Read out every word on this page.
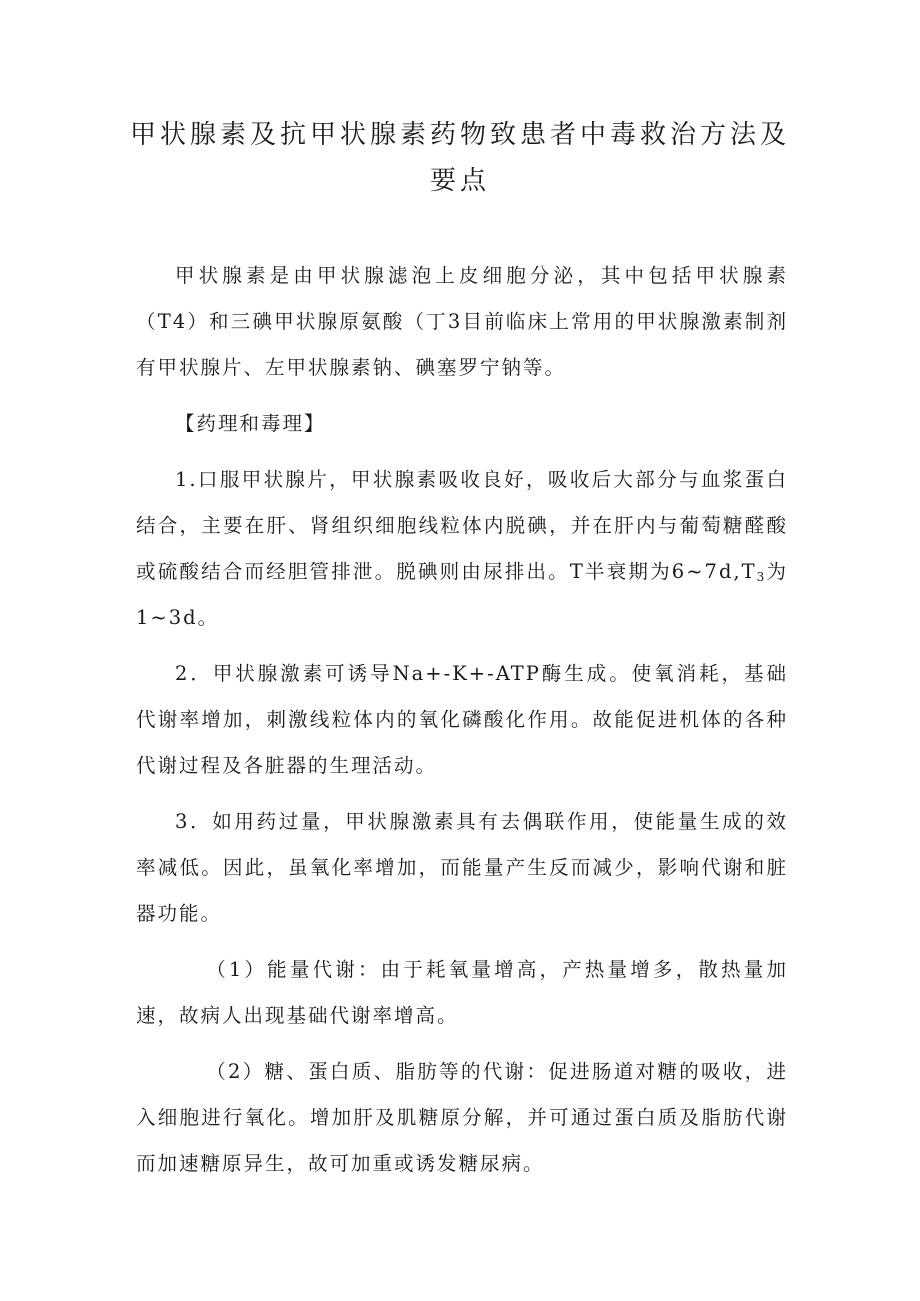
甲状腺素及抗甲状腺素药物致患者中毒救治方法及
要点

甲状腺素是由甲状腺滤泡上皮细胞分泌，其中包括甲状腺素（T4）和三碘甲状腺原氨酸（丁3目前临床上常用的甲状腺激素制剂有甲状腺片、左甲状腺素钠、碘塞罗宁钠等。

【药理和毒理】

1.口服甲状腺片，甲状腺素吸收良好，吸收后大部分与血浆蛋白结合，主要在肝、肾组织细胞线粒体内脱碘，并在肝内与葡萄糖醛酸或硫酸结合而经胆管排泄。脱碘则由尿排出。T半衰期为$6\sim 7d,T_3$为1~3d。

2．甲状腺激素可诱导Na+-K+-ATP酶生成。使氧消耗，基础代谢率增加，刺激线粒体内的氧化磷酸化作用。故能促进机体的各种代谢过程及各脏器的生理活动。

3．如用药过量，甲状腺激素具有去偶联作用，使能量生成的效率减低。因此，虽氧化率增加，而能量产生反而减少，影响代谢和脏器功能。

（1）能量代谢：由于耗氧量增高，产热量增多，散热量加速，故病人出现基础代谢率增高。

（2）糖、蛋白质、脂肪等的代谢：促进肠道对糖的吸收，进入细胞进行氧化。增加肝及肌糖原分解，并可通过蛋白质及脂肪代谢而加速糖原异生，故可加重或诱发糖尿病。
